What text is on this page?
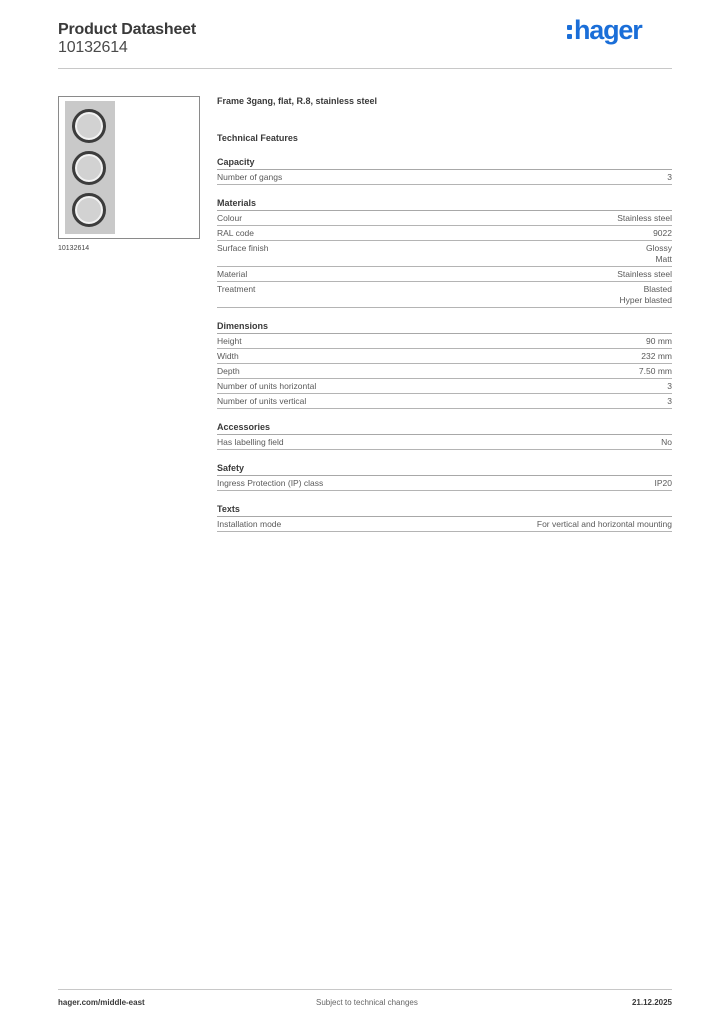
Product Datasheet
10132614
hager
10132614
Frame 3gang, flat, R.8, stainless steel
Technical Features
Capacity
Number of gangs	3
Materials
Colour	Stainless steel
RAL code	9022
Surface finish	Glossy
Matt
Material	Stainless steel
Treatment	Blasted
Hyper blasted
Dimensions
Height	90 mm
Width	232 mm
Depth	7.50 mm
Number of units horizontal	3
Number of units vertical	3
Accessories
Has labelling field	No
Safety
Ingress Protection (IP) class	IP20
Texts
Installation mode	For vertical and horizontal mounting
hager.com/middle-east	Subject to technical changes	21.12.2025
